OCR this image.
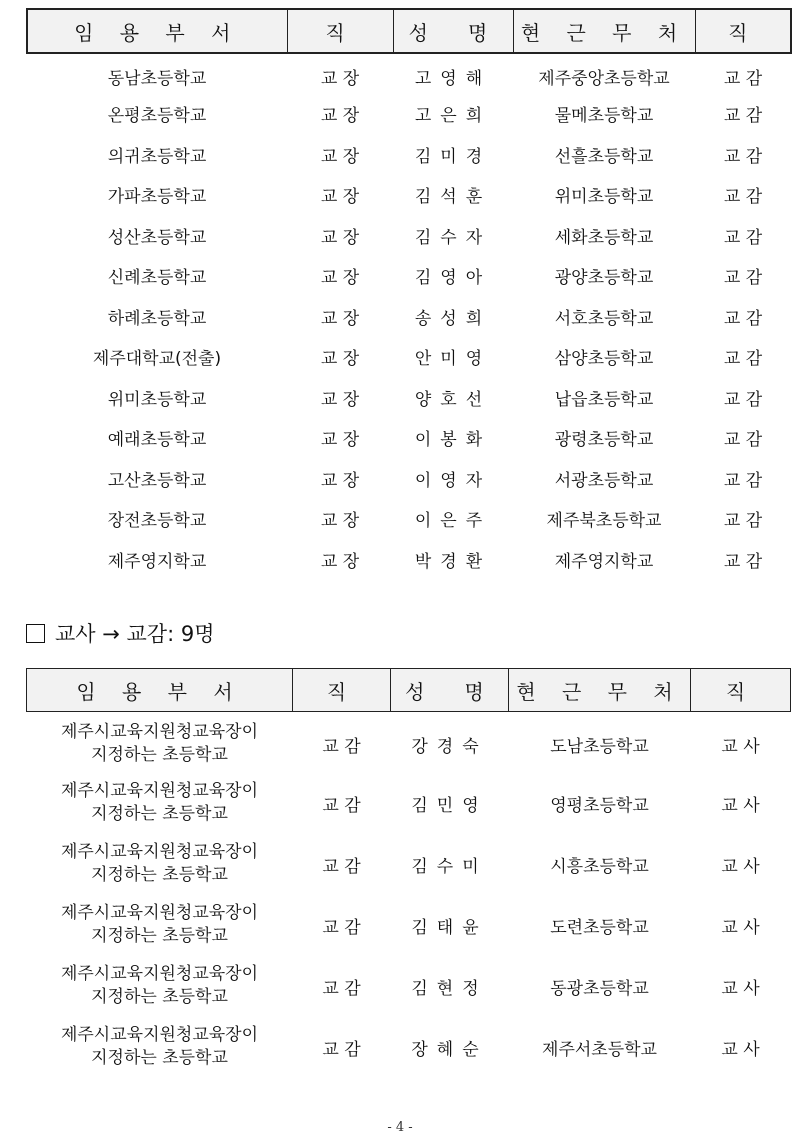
임 용 부 서	직	성　명	현 근 무 처	직
동남초등학교	교 장	고영해	제주중앙초등학교	교 감
온평초등학교	교 장	고은희	물메초등학교	교 감
의귀초등학교	교 장	김미경	선흘초등학교	교 감
가파초등학교	교 장	김석훈	위미초등학교	교 감
성산초등학교	교 장	김수자	세화초등학교	교 감
신례초등학교	교 장	김영아	광양초등학교	교 감
하례초등학교	교 장	송성희	서호초등학교	교 감
제주대학교(전출)	교 장	안미영	삼양초등학교	교 감
위미초등학교	교 장	양호선	납읍초등학교	교 감
예래초등학교	교 장	이봉화	광령초등학교	교 감
고산초등학교	교 장	이영자	서광초등학교	교 감
장전초등학교	교 장	이은주	제주북초등학교	교 감
제주영지학교	교 장	박경환	제주영지학교	교 감
교사 → 교감: 9명
임 용 부 서	직	성　명	현 근 무 처	직

제주시교육지원청교육장이
지정하는 초등학교	교 감	강경숙	도남초등학교	교 사

제주시교육지원청교육장이
지정하는 초등학교	교 감	김민영	영평초등학교	교 사

제주시교육지원청교육장이
지정하는 초등학교	교 감	김수미	시흥초등학교	교 사

제주시교육지원청교육장이
지정하는 초등학교	교 감	김태윤	도련초등학교	교 사

제주시교육지원청교육장이
지정하는 초등학교	교 감	김현정	동광초등학교	교 사

제주시교육지원청교육장이
지정하는 초등학교	교 감	장혜순	제주서초등학교	교 사
- 4 -
